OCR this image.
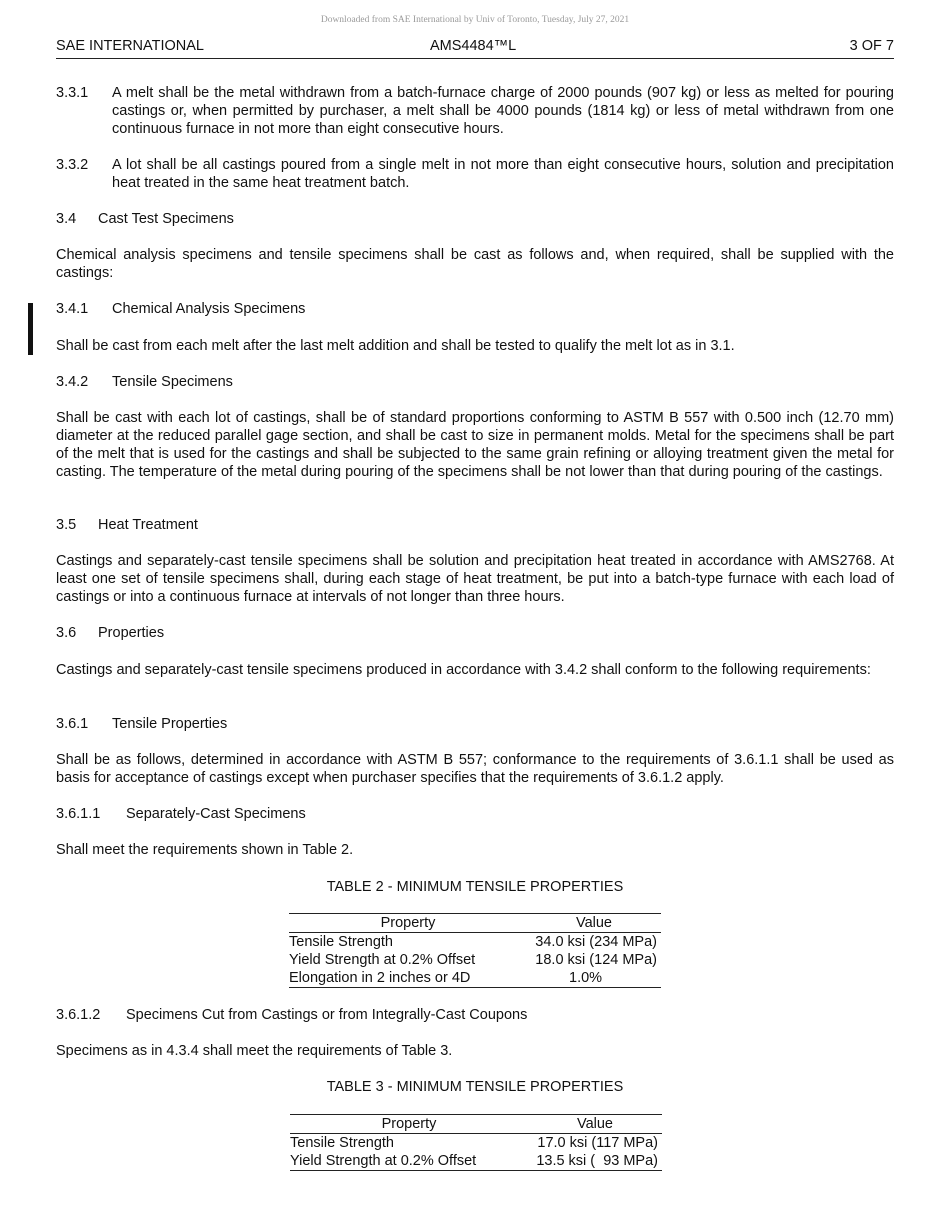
Downloaded from SAE International by Univ of Toronto, Tuesday, July 27, 2021
SAE INTERNATIONAL	AMS4484™L	3 OF 7
3.3.1 A melt shall be the metal withdrawn from a batch-furnace charge of 2000 pounds (907 kg) or less as melted for pouring castings or, when permitted by purchaser, a melt shall be 4000 pounds (1814 kg) or less of metal withdrawn from one continuous furnace in not more than eight consecutive hours.
3.3.2 A lot shall be all castings poured from a single melt in not more than eight consecutive hours, solution and precipitation heat treated in the same heat treatment batch.
3.4 Cast Test Specimens
Chemical analysis specimens and tensile specimens shall be cast as follows and, when required, shall be supplied with the castings:
3.4.1 Chemical Analysis Specimens
Shall be cast from each melt after the last melt addition and shall be tested to qualify the melt lot as in 3.1.
3.4.2 Tensile Specimens
Shall be cast with each lot of castings, shall be of standard proportions conforming to ASTM B 557 with 0.500 inch (12.70 mm) diameter at the reduced parallel gage section, and shall be cast to size in permanent molds. Metal for the specimens shall be part of the melt that is used for the castings and shall be subjected to the same grain refining or alloying treatment given the metal for casting. The temperature of the metal during pouring of the specimens shall be not lower than that during pouring of the castings.
3.5 Heat Treatment
Castings and separately-cast tensile specimens shall be solution and precipitation heat treated in accordance with AMS2768. At least one set of tensile specimens shall, during each stage of heat treatment, be put into a batch-type furnace with each load of castings or into a continuous furnace at intervals of not longer than three hours.
3.6 Properties
Castings and separately-cast tensile specimens produced in accordance with 3.4.2 shall conform to the following requirements:
3.6.1 Tensile Properties
Shall be as follows, determined in accordance with ASTM B 557; conformance to the requirements of 3.6.1.1 shall be used as basis for acceptance of castings except when purchaser specifies that the requirements of 3.6.1.2 apply.
3.6.1.1 Separately-Cast Specimens
Shall meet the requirements shown in Table 2.
TABLE 2 - MINIMUM TENSILE PROPERTIES
Property	Value
Tensile Strength	34.0 ksi (234 MPa)
Yield Strength at 0.2% Offset	18.0 ksi (124 MPa)
Elongation in 2 inches or 4D	1.0%
3.6.1.2 Specimens Cut from Castings or from Integrally-Cast Coupons
Specimens as in 4.3.4 shall meet the requirements of Table 3.
TABLE 3 - MINIMUM TENSILE PROPERTIES
Property	Value
Tensile Strength	17.0 ksi (117 MPa)
Yield Strength at 0.2% Offset	13.5 ksi (  93 MPa)
